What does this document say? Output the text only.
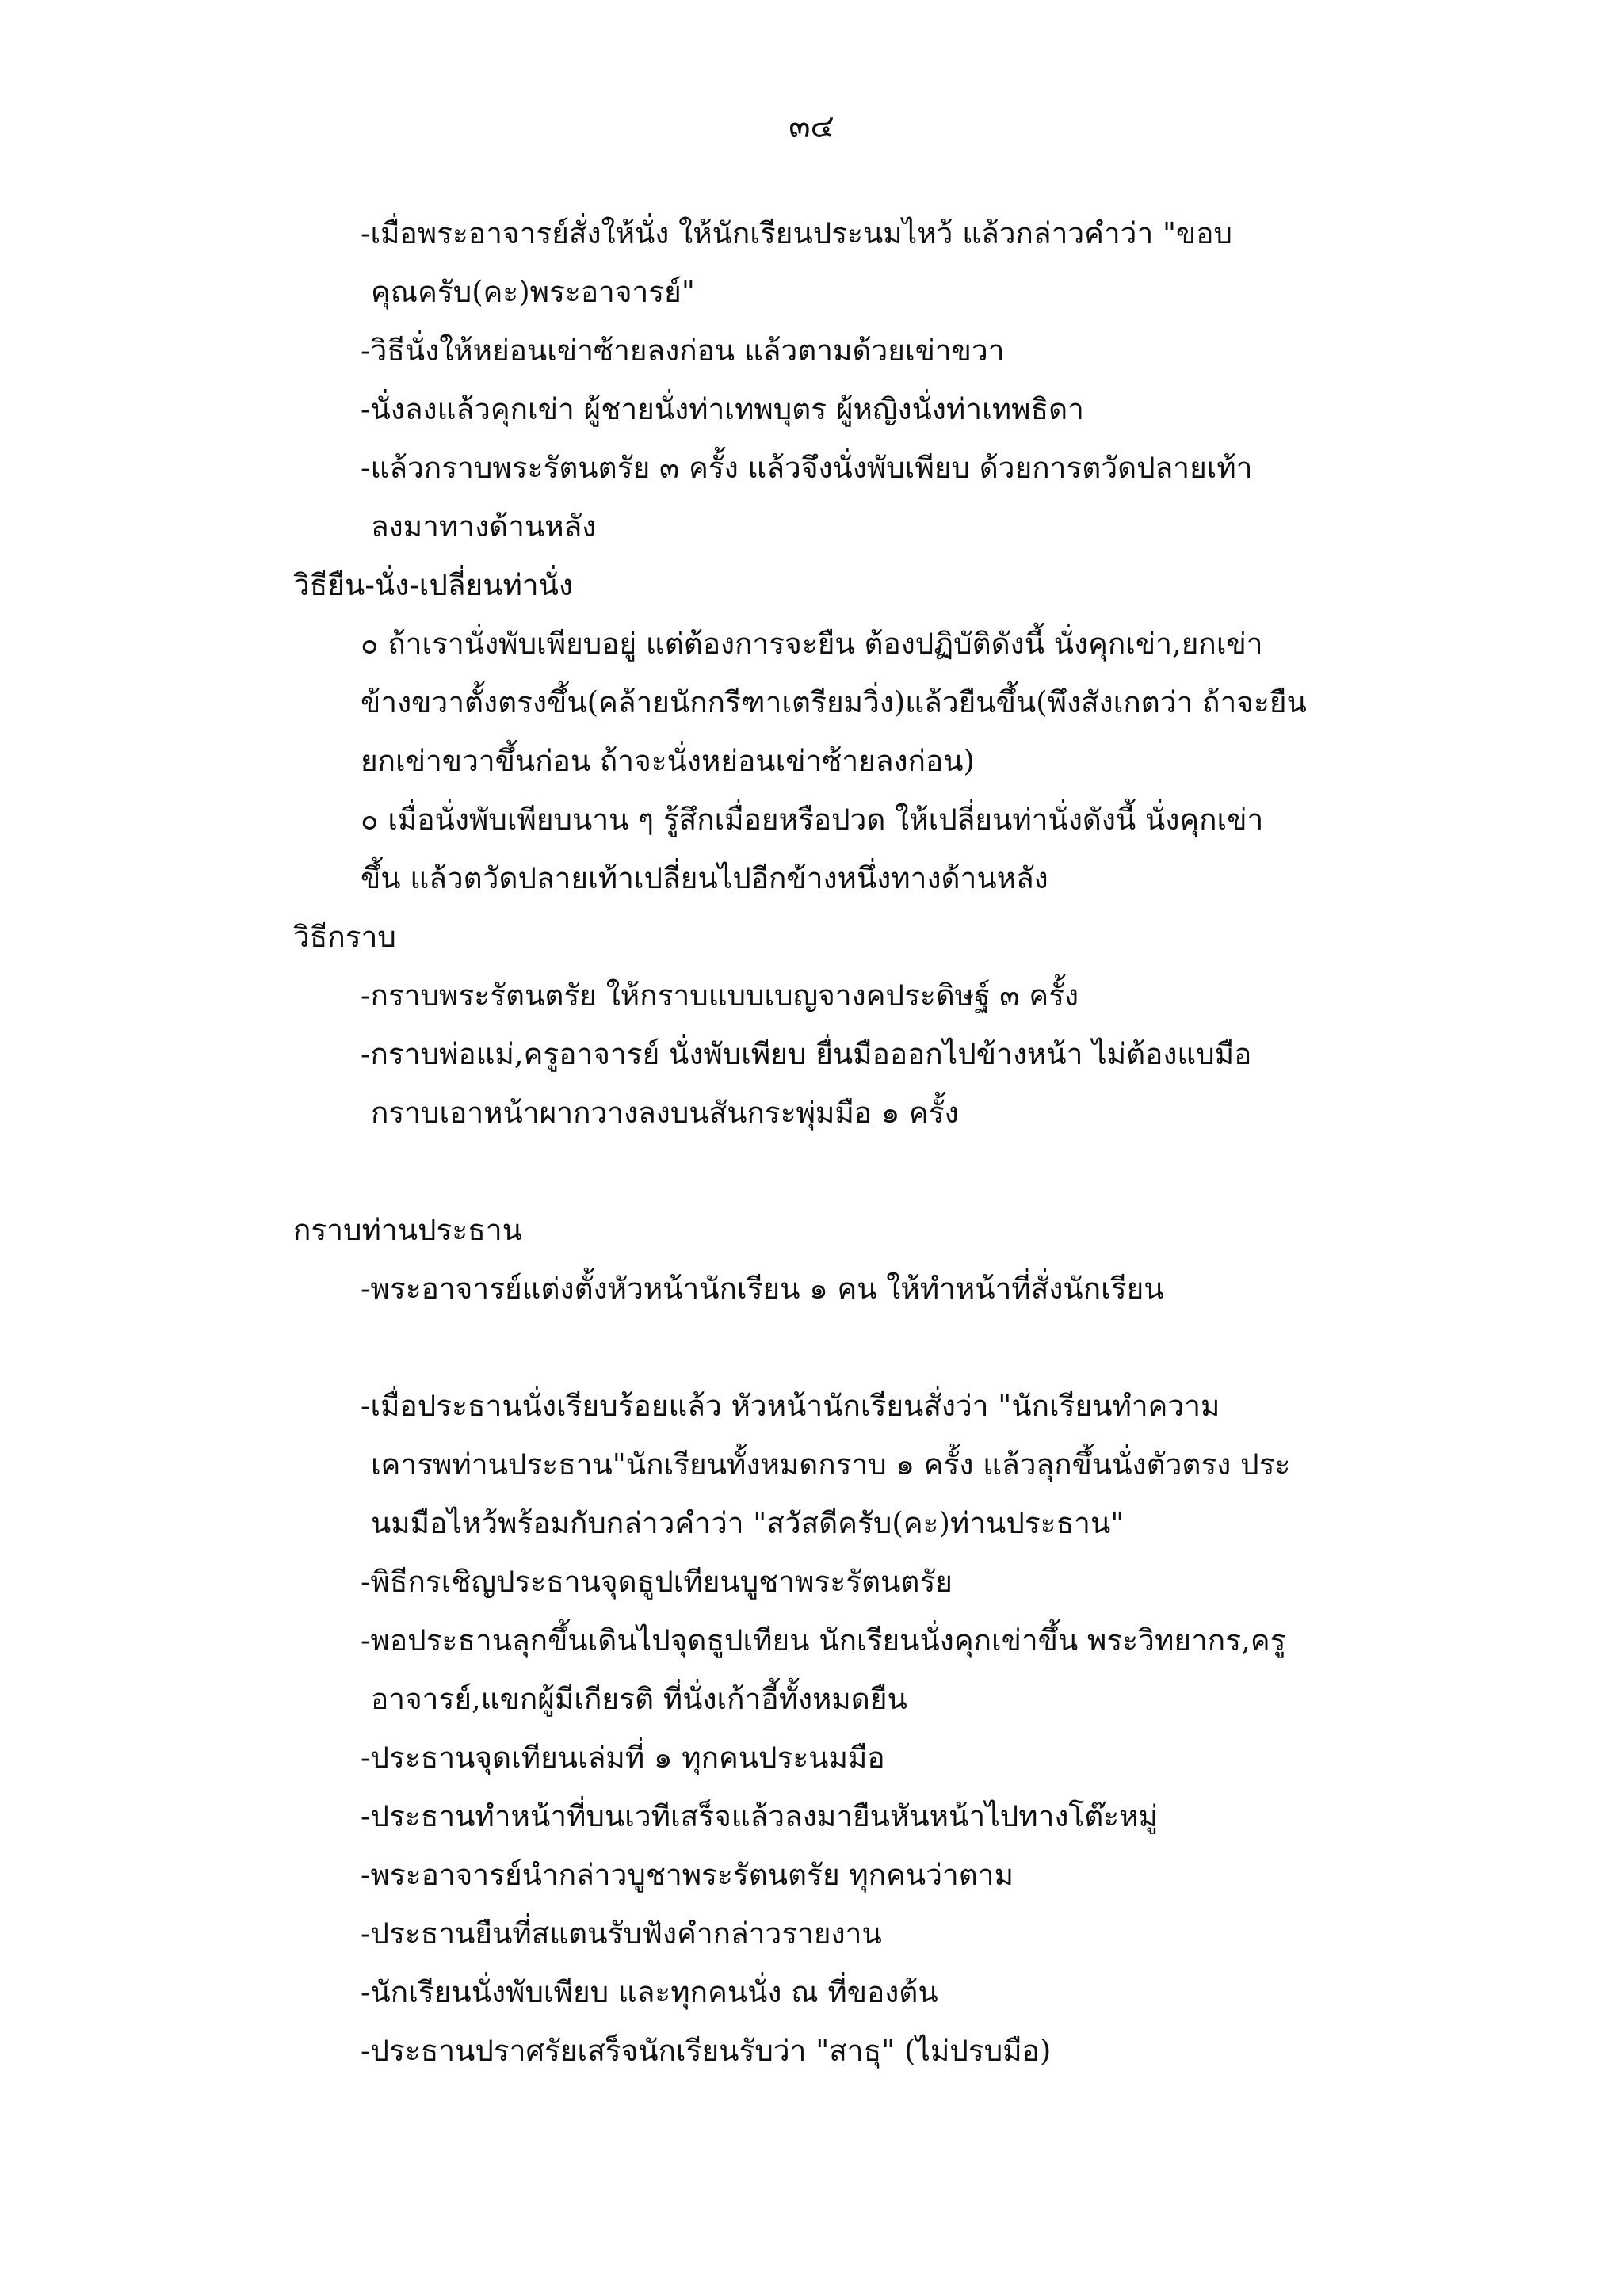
๓๔
-เมื่อพระอาจารย์สั่งให้นั่ง ให้นักเรียนประนมไหว้ แล้วกล่าวคำว่า "ขอบ
คุณครับ(คะ)พระอาจารย์"
-วิธีนั่งให้หย่อนเข่าซ้ายลงก่อน แล้วตามด้วยเข่าขวา
-นั่งลงแล้วคุกเข่า ผู้ชายนั่งท่าเทพบุตร ผู้หญิงนั่งท่าเทพธิดา
-แล้วกราบพระรัตนตรัย ๓ ครั้ง แล้วจึงนั่งพับเพียบ ด้วยการตวัดปลายเท้า
ลงมาทางด้านหลัง
วิธียืน-นั่ง-เปลี่ยนท่านั่ง
๐ ถ้าเรานั่งพับเพียบอยู่ แต่ต้องการจะยืน ต้องปฏิบัติดังนี้ นั่งคุกเข่า,ยกเข่า
ข้างขวาตั้งตรงขึ้น(คล้ายนักกรีฑาเตรียมวิ่ง)แล้วยืนขึ้น(พึงสังเกตว่า ถ้าจะยืน
ยกเข่าขวาขึ้นก่อน ถ้าจะนั่งหย่อนเข่าซ้ายลงก่อน)
๐ เมื่อนั่งพับเพียบนาน ๆ รู้สึกเมื่อยหรือปวด ให้เปลี่ยนท่านั่งดังนี้ นั่งคุกเข่า
ขึ้น แล้วตวัดปลายเท้าเปลี่ยนไปอีกข้างหนึ่งทางด้านหลัง
วิธีกราบ
-กราบพระรัตนตรัย ให้กราบแบบเบญจางคประดิษฐ์ ๓ ครั้ง
-กราบพ่อแม่,ครูอาจารย์ นั่งพับเพียบ ยื่นมือออกไปข้างหน้า ไม่ต้องแบมือ
กราบเอาหน้าผากวางลงบนสันกระพุ่มมือ ๑ ครั้ง
กราบท่านประธาน
-พระอาจารย์แต่งตั้งหัวหน้านักเรียน ๑ คน ให้ทำหน้าที่สั่งนักเรียน
-เมื่อประธานนั่งเรียบร้อยแล้ว หัวหน้านักเรียนสั่งว่า "นักเรียนทำความ
เคารพท่านประธาน"นักเรียนทั้งหมดกราบ ๑ ครั้ง แล้วลุกขึ้นนั่งตัวตรง ประ
นมมือไหว้พร้อมกับกล่าวคำว่า "สวัสดีครับ(คะ)ท่านประธาน"
-พิธีกรเชิญประธานจุดธูปเทียนบูชาพระรัตนตรัย
-พอประธานลุกขึ้นเดินไปจุดธูปเทียน นักเรียนนั่งคุกเข่าขึ้น พระวิทยากร,ครู
อาจารย์,แขกผู้มีเกียรติ ที่นั่งเก้าอี้ทั้งหมดยืน
-ประธานจุดเทียนเล่มที่ ๑ ทุกคนประนมมือ
-ประธานทำหน้าที่บนเวทีเสร็จแล้วลงมายืนหันหน้าไปทางโต๊ะหมู่
-พระอาจารย์นำกล่าวบูชาพระรัตนตรัย ทุกคนว่าตาม
-ประธานยืนที่สแตนรับฟังคำกล่าวรายงาน
-นักเรียนนั่งพับเพียบ และทุกคนนั่ง ณ ที่ของต้น
-ประธานปราศรัยเสร็จนักเรียนรับว่า "สาธุ" (ไม่ปรบมือ)
